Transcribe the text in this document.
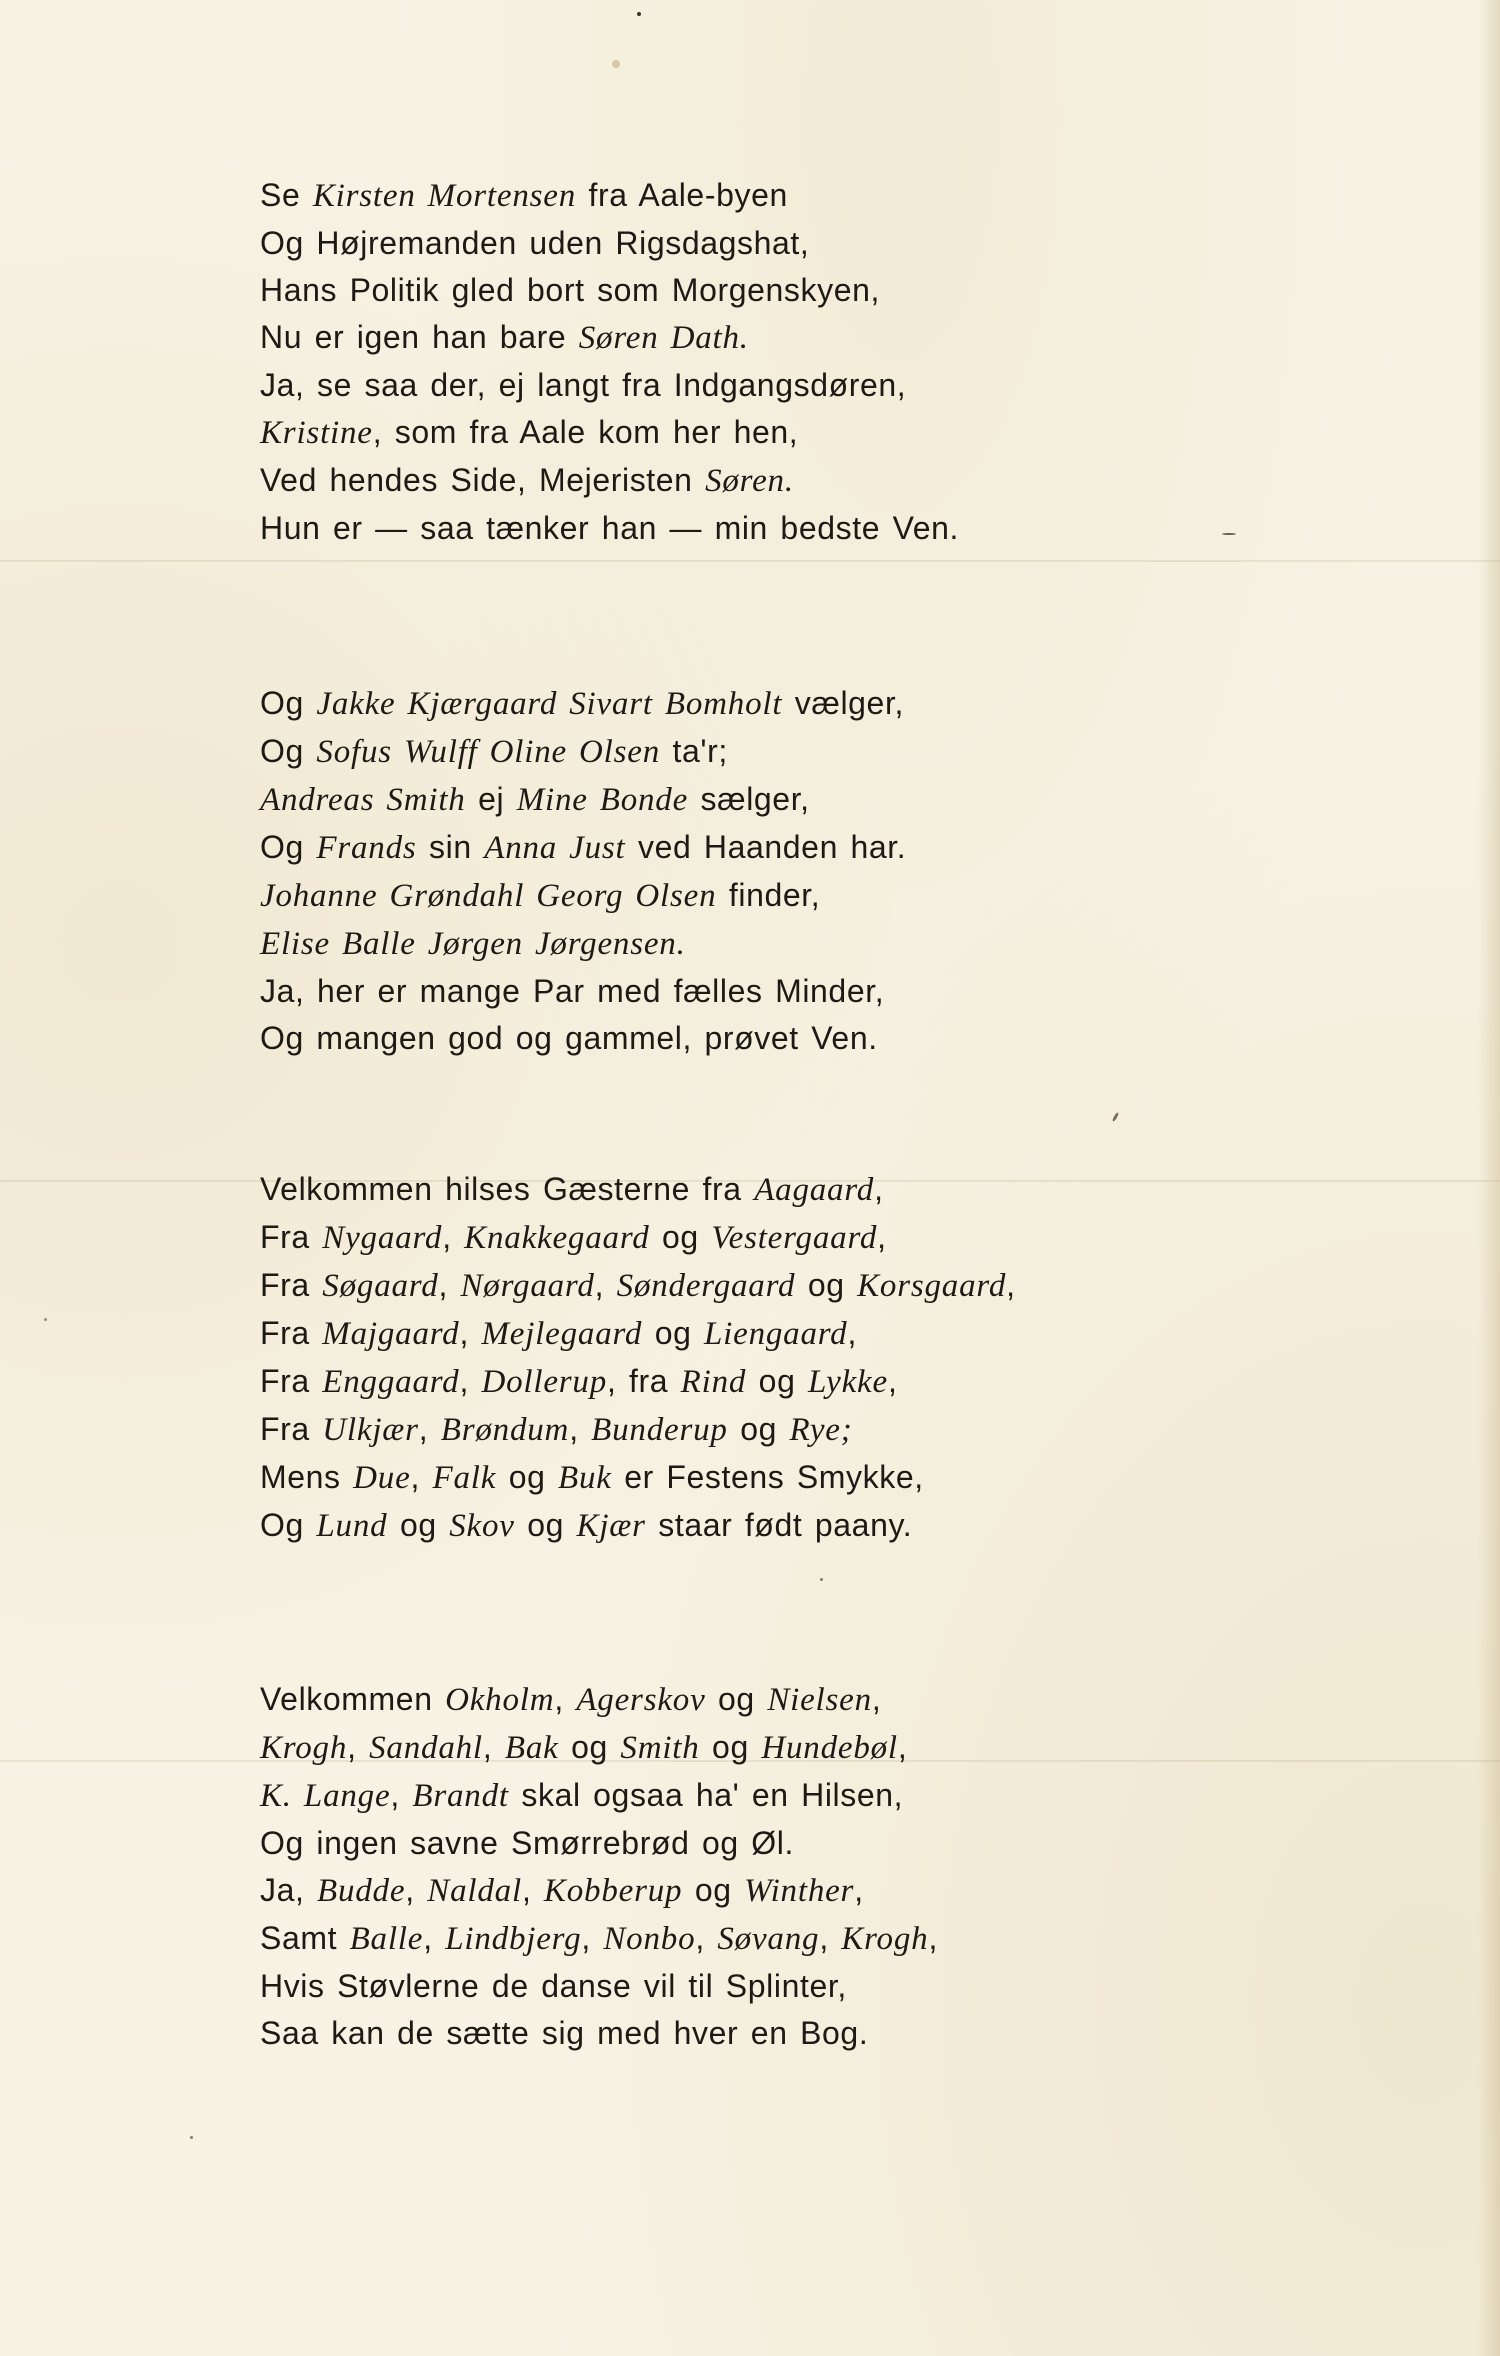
Se Kirsten Mortensen fra Aale-byen
Og Højremanden uden Rigsdagshat,
Hans Politik gled bort som Morgenskyen,
Nu er igen han bare Søren Dath.
Ja, se saa der, ej langt fra Indgangsdøren,
Kristine, som fra Aale kom her hen,
Ved hendes Side, Mejeristen Søren.
Hun er — saa tænker han — min bedste Ven.
Og Jakke Kjærgaard Sivart Bomholt vælger,
Og Sofus Wulff Oline Olsen ta'r;
Andreas Smith ej Mine Bonde sælger,
Og Frands sin Anna Just ved Haanden har.
Johanne Grøndahl Georg Olsen finder,
Elise Balle Jørgen Jørgensen.
Ja, her er mange Par med fælles Minder,
Og mangen god og gammel, prøvet Ven.
Velkommen hilses Gæsterne fra Aagaard,
Fra Nygaard, Knakkegaard og Vestergaard,
Fra Søgaard, Nørgaard, Søndergaard og Korsgaard,
Fra Majgaard, Mejlegaard og Liengaard,
Fra Enggaard, Dollerup, fra Rind og Lykke,
Fra Ulkjær, Brøndum, Bunderup og Rye;
Mens Due, Falk og Buk er Festens Smykke,
Og Lund og Skov og Kjær staar født paany.
Velkommen Okholm, Agerskov og Nielsen,
Krogh, Sandahl, Bak og Smith og Hundebøl,
K. Lange, Brandt skal ogsaa ha' en Hilsen,
Og ingen savne Smørrebrød og Øl.
Ja, Budde, Naldal, Kobberup og Winther,
Samt Balle, Lindbjerg, Nonbo, Søvang, Krogh,
Hvis Støvlerne de danse vil til Splinter,
Saa kan de sætte sig med hver en Bog.
